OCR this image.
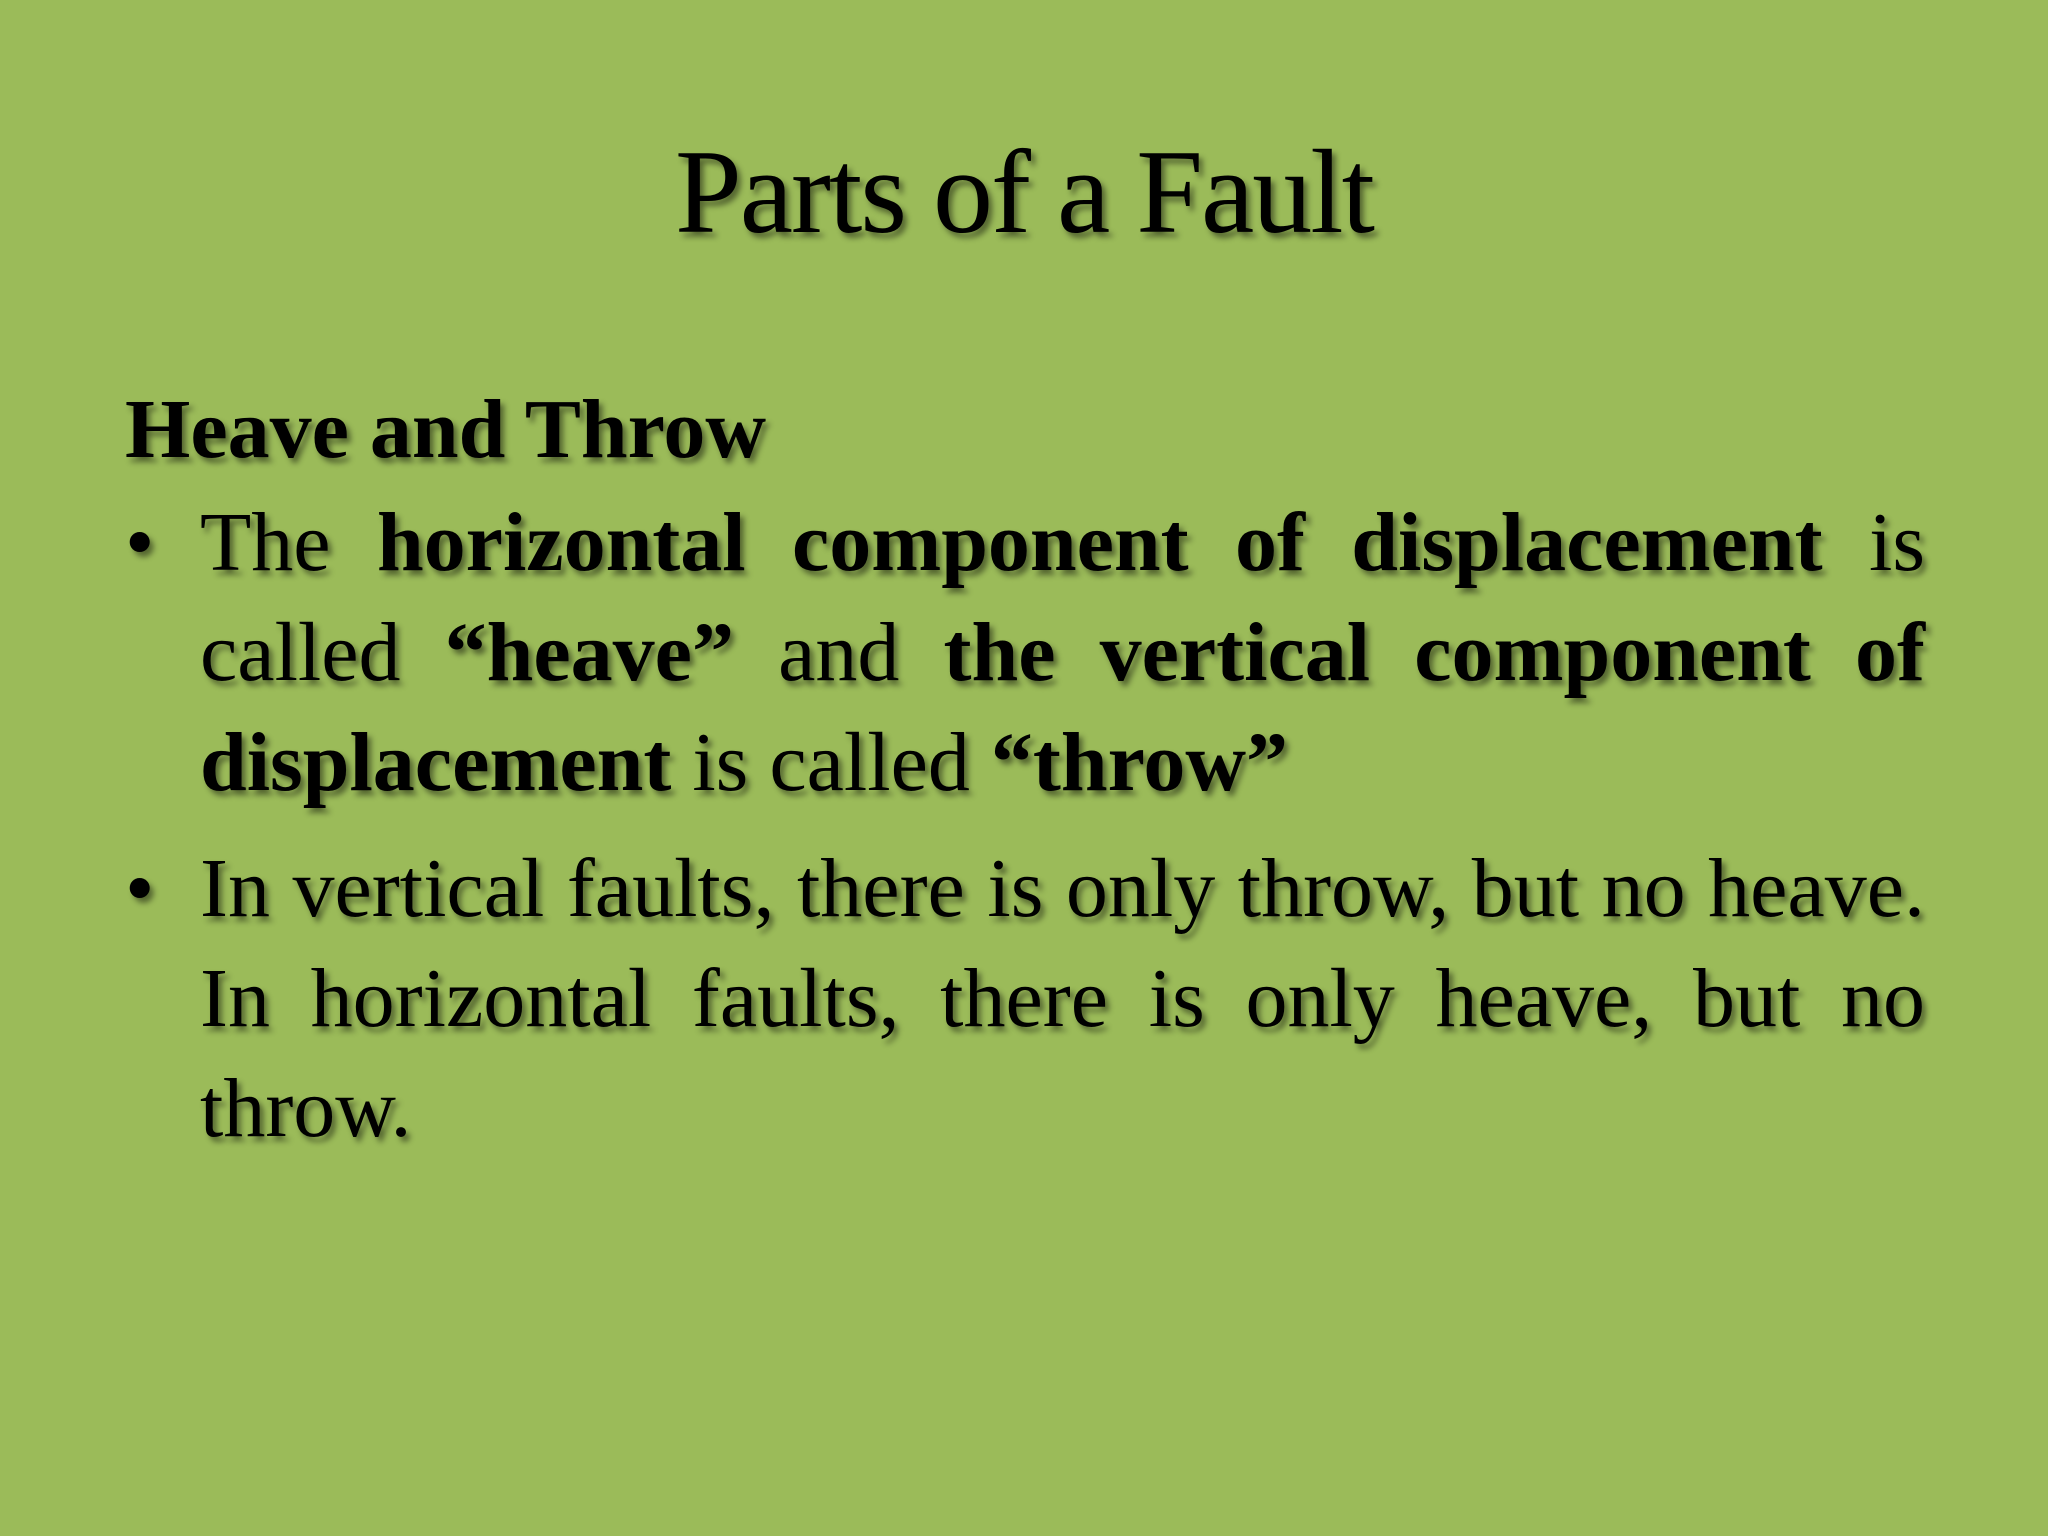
Parts of a Fault
Heave and Throw
• The horizontal component of displacement is called “heave” and the vertical component of displacement is called “throw”
• In vertical faults, there is only throw, but no heave. In horizontal faults, there is only heave, but no throw.
